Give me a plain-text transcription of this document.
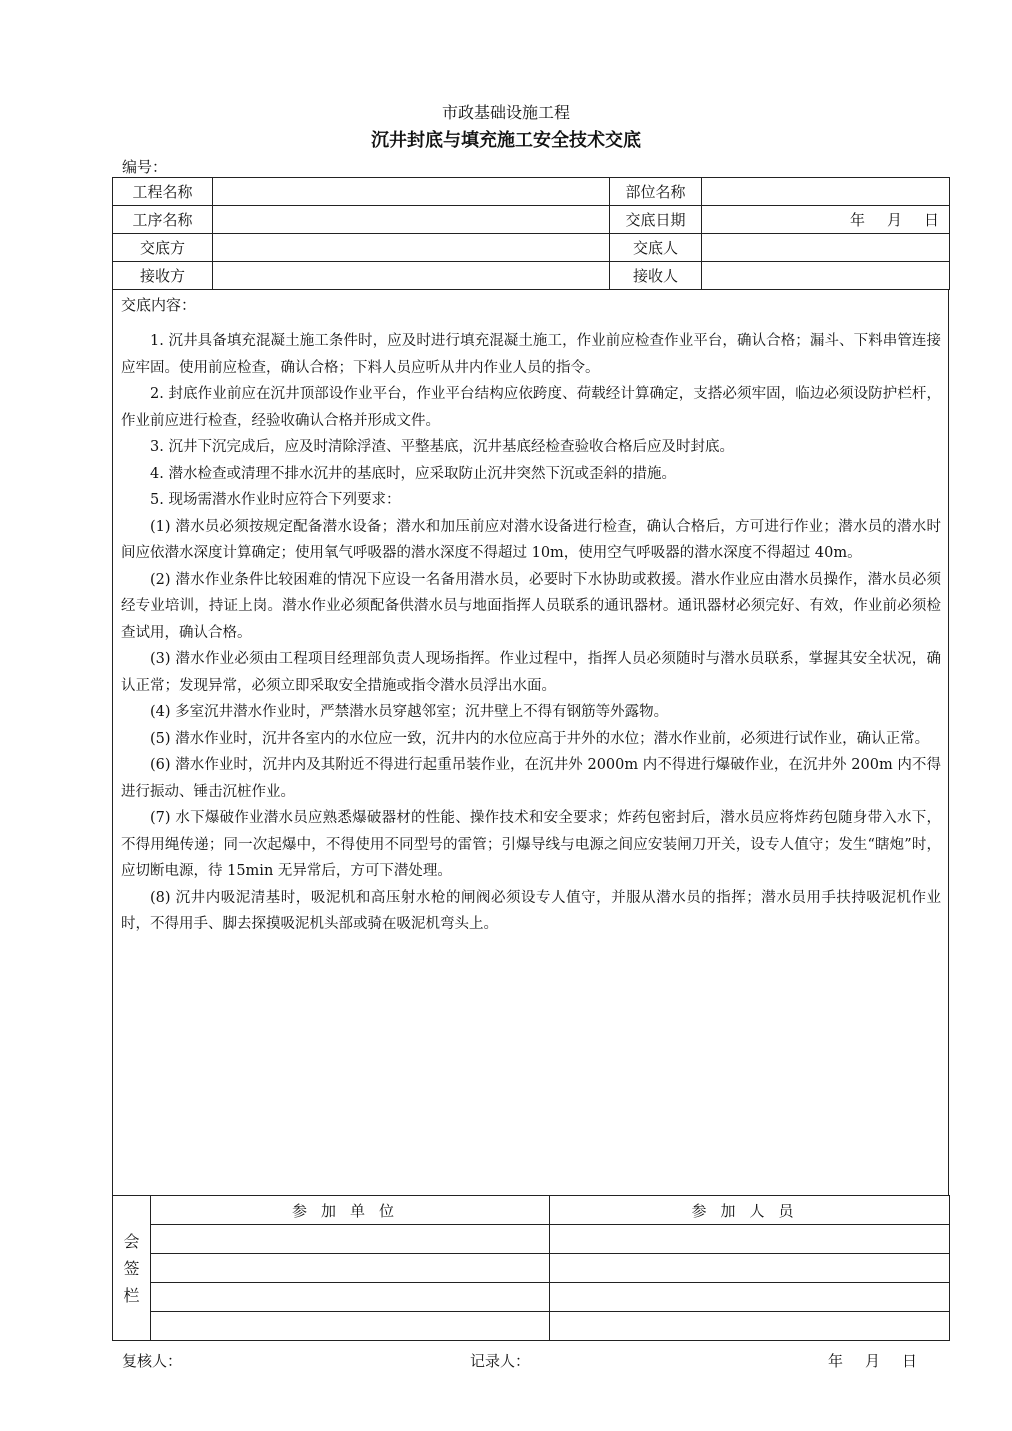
市政基础设施工程
沉井封底与填充施工安全技术交底
编号：
工程名称		部位名称	
工序名称		交底日期	年 月 日
交底方		交底人	
接收方		接收人	
交底内容：

1. 沉井具备填充混凝土施工条件时，应及时进行填充混凝土施工，作业前应检查作业平台，确认合格；漏斗、下料串管连接应牢固。使用前应检查，确认合格；下料人员应听从井内作业人员的指令。

2. 封底作业前应在沉井顶部设作业平台，作业平台结构应依跨度、荷载经计算确定，支搭必须牢固，临边必须设防护栏杆，作业前应进行检查，经验收确认合格并形成文件。

3. 沉井下沉完成后，应及时清除浮渣、平整基底，沉井基底经检查验收合格后应及时封底。

4. 潜水检查或清理不排水沉井的基底时，应采取防止沉井突然下沉或歪斜的措施。

5. 现场需潜水作业时应符合下列要求：

(1) 潜水员必须按规定配备潜水设备；潜水和加压前应对潜水设备进行检查，确认合格后，方可进行作业；潜水员的潜水时间应依潜水深度计算确定；使用氧气呼吸器的潜水深度不得超过 10m，使用空气呼吸器的潜水深度不得超过 40m。

(2) 潜水作业条件比较困难的情况下应设一名备用潜水员，必要时下水协助或救援。潜水作业应由潜水员操作，潜水员必须经专业培训，持证上岗。潜水作业必须配备供潜水员与地面指挥人员联系的通讯器材。通讯器材必须完好、有效，作业前必须检查试用，确认合格。

(3) 潜水作业必须由工程项目经理部负责人现场指挥。作业过程中，指挥人员必须随时与潜水员联系，掌握其安全状况，确认正常；发现异常，必须立即采取安全措施或指令潜水员浮出水面。

(4) 多室沉井潜水作业时，严禁潜水员穿越邻室；沉井壁上不得有钢筋等外露物。

(5) 潜水作业时，沉井各室内的水位应一致，沉井内的水位应高于井外的水位；潜水作业前，必须进行试作业，确认正常。

(6) 潜水作业时，沉井内及其附近不得进行起重吊装作业，在沉井外 2000m 内不得进行爆破作业，在沉井外 200m 内不得进行振动、锤击沉桩作业。

(7) 水下爆破作业潜水员应熟悉爆破器材的性能、操作技术和安全要求；炸药包密封后，潜水员应将炸药包随身带入水下，不得用绳传递；同一次起爆中，不得使用不同型号的雷管；引爆导线与电源之间应安装闸刀开关，设专人值守；发生“瞎炮”时，应切断电源，待 15min 无异常后，方可下潜处理。

(8) 沉井内吸泥清基时，吸泥机和高压射水枪的闸阀必须设专人值守，并服从潜水员的指挥；潜水员用手扶持吸泥机作业时，不得用手、脚去探摸吸泥机头部或骑在吸泥机弯头上。

会
签
栏	参加单位	参加人员

复核人：	记录人：	年 月 日
